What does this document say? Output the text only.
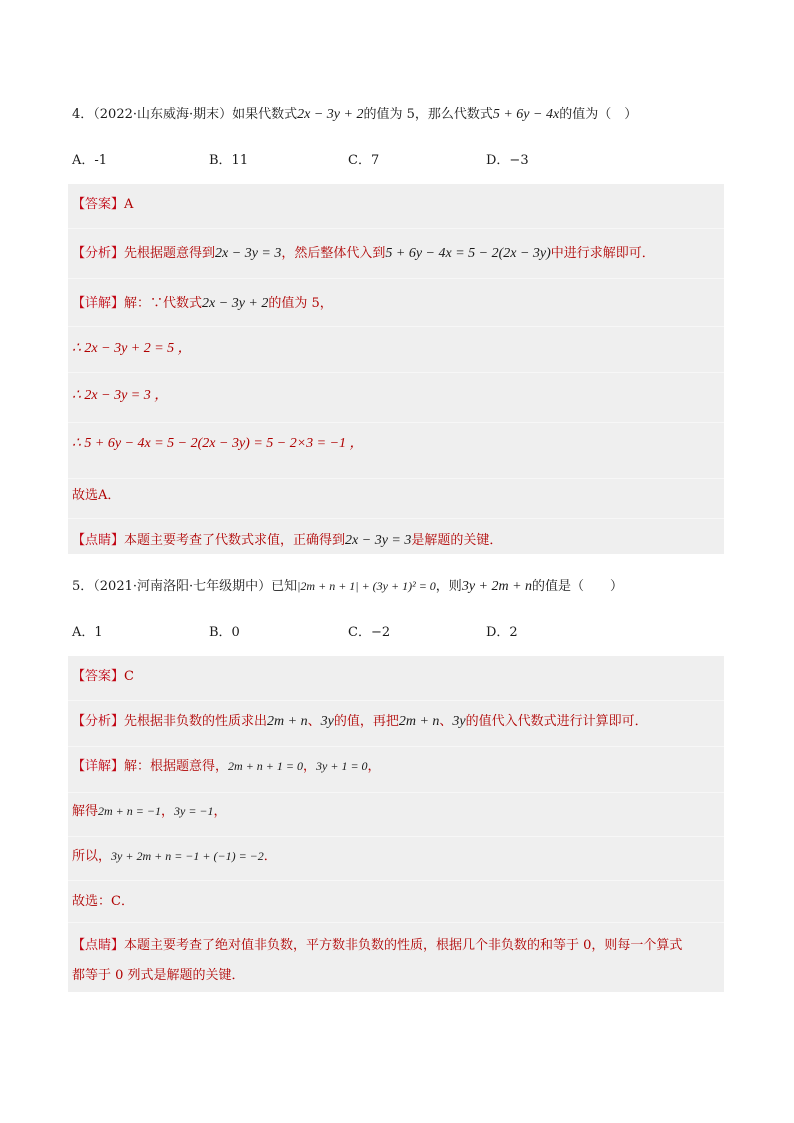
4．（2022·山东威海·期末）如果代数式2x − 3y + 2的值为 5，那么代数式5 + 6y − 4x的值为（　）
A．-1	B．11	C．7	D．−3
【答案】A
【分析】先根据题意得到2x − 3y = 3，然后整体代入到5 + 6y − 4x = 5 − 2(2x − 3y)中进行求解即可．
【详解】解：∵代数式2x − 3y + 2的值为 5，
∴ 2x − 3y + 2 = 5 ，
∴ 2x − 3y = 3 ，
∴ 5 + 6y − 4x = 5 − 2(2x − 3y) = 5 − 2×3 = −1 ，
故选A．
【点睛】本题主要考查了代数式求值，正确得到2x − 3y = 3是解题的关键．
5．（2021·河南洛阳·七年级期中）已知|2m + n + 1| + (3y + 1)² = 0，则3y + 2m + n的值是（　　）
A．1	B．0	C．−2	D．2
【答案】C
【分析】先根据非负数的性质求出2m + n、3y的值，再把2m + n、3y的值代入代数式进行计算即可．
【详解】解：根据题意得，2m + n + 1 = 0，3y + 1 = 0，
解得2m + n = −1，3y = −1，
所以，3y + 2m + n = −1 + (−1) = −2．
故选：C．
【点睛】本题主要考查了绝对值非负数，平方数非负数的性质，根据几个非负数的和等于 0，则每一个算式
都等于 0 列式是解题的关键．
